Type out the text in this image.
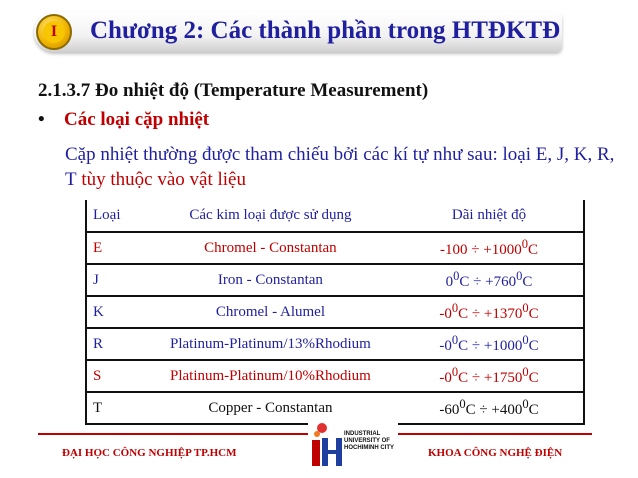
I	Chương 2: Các thành phần trong HTĐKTĐ
2.1.3.7 Đo nhiệt độ (Temperature Measurement)
• Các loại cặp nhiệt
Cặp nhiệt thường được tham chiếu bởi các kí tự như sau: loại E, J, K, R, T tùy thuộc vào vật liệu
Loại	Các kim loại được sử dụng	Dãi nhiệt độ
E	Chromel - Constantan	$-100 \div +1000^0C$
J	Iron - Constantan	$0^0C \div +760^0C$
K	Chromel - Alumel	$-0^0C \div +1370^0C$
R	Platinum-Platinum/13%Rhodium	$-0^0C \div +1000^0C$
S	Platinum-Platinum/10%Rhodium	$-0^0C \div +1750^0C$
T	Copper - Constantan	$-60^0C \div +400^0C$
ĐẠI HỌC CÔNG NGHIỆP TP.HCM
INDUSTRIAL
UNIVERSITY OF
HOCHIMINH CITY	KHOA CÔNG NGHỆ ĐIỆN
